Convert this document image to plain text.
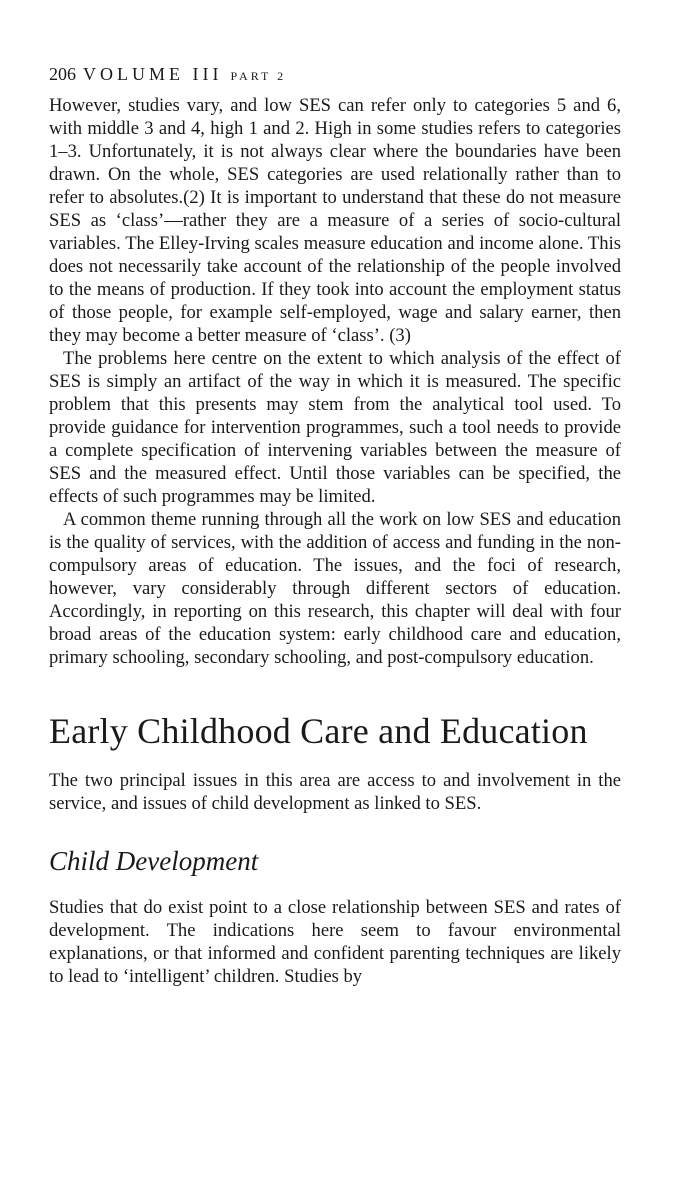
206 VOLUME III PART 2

However, studies vary, and low SES can refer only to categories 5 and 6, with middle 3 and 4, high 1 and 2. High in some studies refers to categories 1–3. Unfortunately, it is not always clear where the boundaries have been drawn. On the whole, SES categories are used relationally rather than to refer to absolutes.(2) It is important to understand that these do not measure SES as ‘class’—rather they are a measure of a series of socio-cultural variables. The Elley-Irving scales measure education and income alone. This does not necessarily take account of the relationship of the people involved to the means of production. If they took into account the employment status of those people, for example self-employed, wage and salary earner, then they may become a better measure of ‘class’. (3)

The problems here centre on the extent to which analysis of the effect of SES is simply an artifact of the way in which it is measured. The specific problem that this presents may stem from the analytical tool used. To provide guidance for intervention programmes, such a tool needs to provide a complete specification of intervening variables between the measure of SES and the measured effect. Until those variables can be specified, the effects of such programmes may be limited.

A common theme running through all the work on low SES and education is the quality of services, with the addition of access and funding in the non-compulsory areas of education. The issues, and the foci of research, however, vary considerably through different sectors of education. Accordingly, in reporting on this research, this chapter will deal with four broad areas of the education system: early childhood care and education, primary schooling, secondary schooling, and post-compulsory education.

Early Childhood Care and Education

The two principal issues in this area are access to and involvement in the service, and issues of child development as linked to SES.

Child Development

Studies that do exist point to a close relationship between SES and rates of development. The indications here seem to favour environmental explanations, or that informed and confident parenting techniques are likely to lead to ‘intelligent’ children. Studies by
